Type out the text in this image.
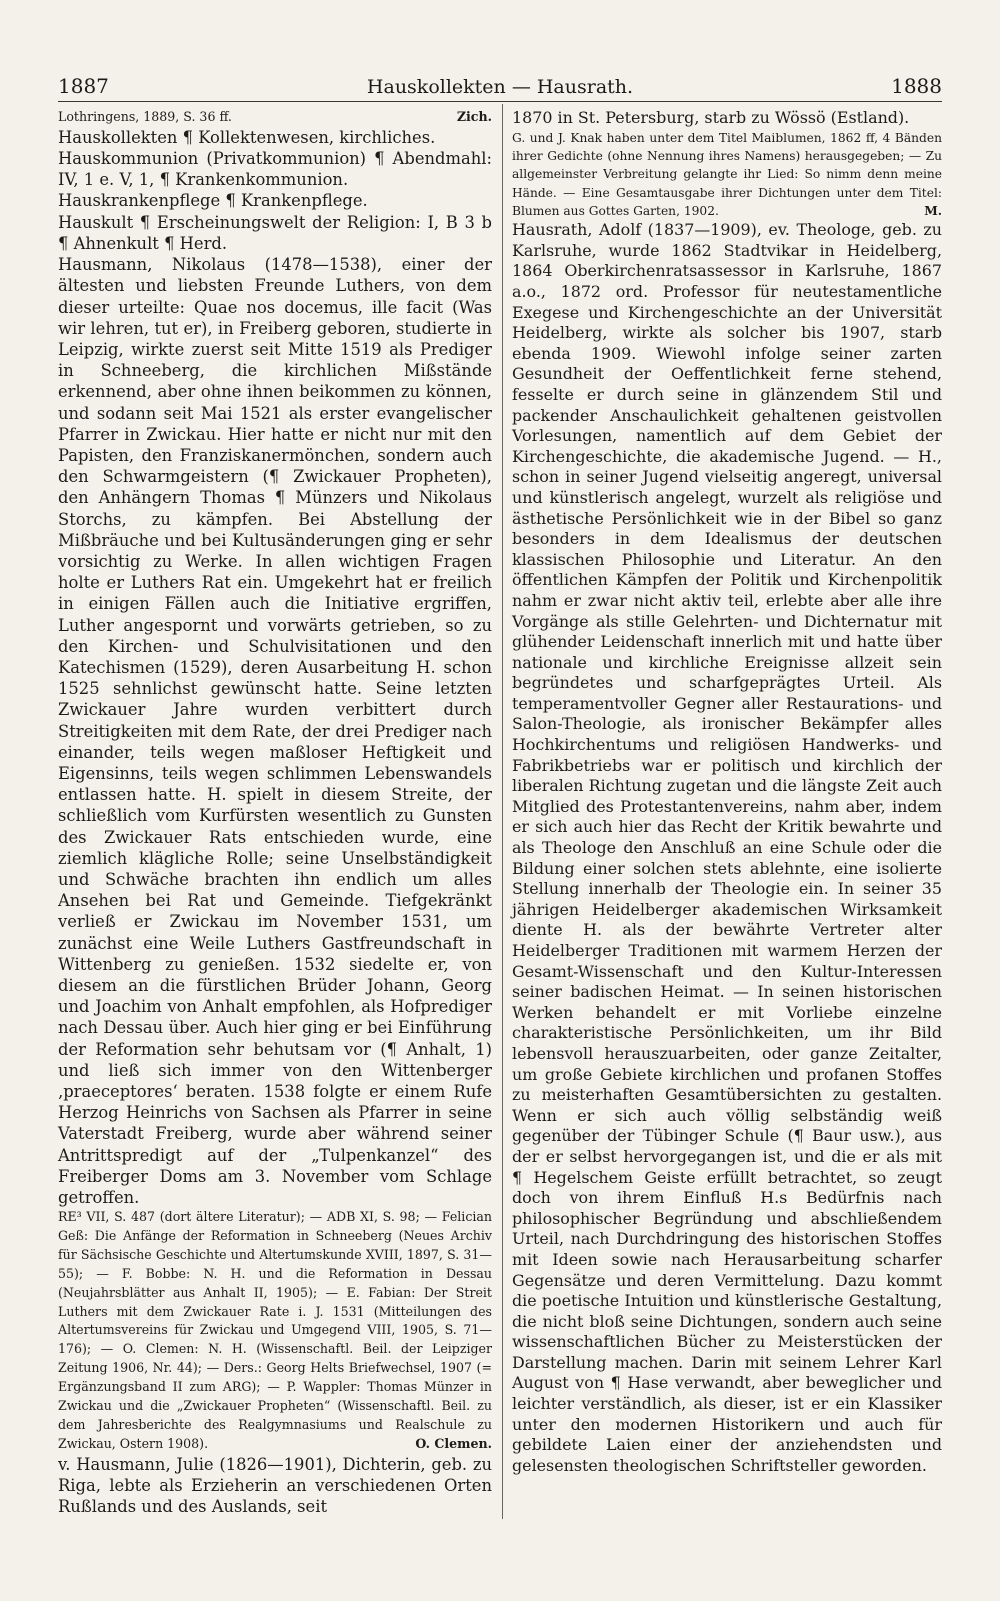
1887	Hauskollekten — Hausrath.	1888

Lothringens, 1889, S. 36 ff.	Zich.

Hauskollekten ¶ Kollektenwesen, kirchliches.

Hauskommunion (Privatkommunion) ¶ Abendmahl: IV, 1 e. V, 1, ¶ Krankenkommunion.

Hauskrankenpflege ¶ Krankenpflege.

Hauskult ¶ Erscheinungswelt der Religion: I, B 3 b ¶ Ahnenkult ¶ Herd.

Hausmann, Nikolaus (1478—1538), einer der ältesten und liebsten Freunde Luthers, von dem dieser urteilte: Quae nos docemus, ille facit (Was wir lehren, tut er), in Freiberg geboren, studierte in Leipzig, wirkte zuerst seit Mitte 1519 als Prediger in Schneeberg, die kirchlichen Mißstände erkennend, aber ohne ihnen beikommen zu können, und sodann seit Mai 1521 als erster evangelischer Pfarrer in Zwickau. Hier hatte er nicht nur mit den Papisten, den Franziskanermönchen, sondern auch den Schwarmgeistern (¶ Zwickauer Propheten), den Anhängern Thomas ¶ Münzers und Nikolaus Storchs, zu kämpfen. Bei Abstellung der Mißbräuche und bei Kultusänderungen ging er sehr vorsichtig zu Werke. In allen wichtigen Fragen holte er Luthers Rat ein. Umgekehrt hat er freilich in einigen Fällen auch die Initiative ergriffen, Luther angespornt und vorwärts getrieben, so zu den Kirchen- und Schulvisitationen und den Katechismen (1529), deren Ausarbeitung H. schon 1525 sehnlichst gewünscht hatte. Seine letzten Zwickauer Jahre wurden verbittert durch Streitigkeiten mit dem Rate, der drei Prediger nach einander, teils wegen maßloser Heftigkeit und Eigensinns, teils wegen schlimmen Lebenswandels entlassen hatte. H. spielt in diesem Streite, der schließlich vom Kurfürsten wesentlich zu Gunsten des Zwickauer Rats entschieden wurde, eine ziemlich klägliche Rolle; seine Unselbständigkeit und Schwäche brachten ihn endlich um alles Ansehen bei Rat und Gemeinde. Tiefgekränkt verließ er Zwickau im November 1531, um zunächst eine Weile Luthers Gastfreundschaft in Wittenberg zu genießen. 1532 siedelte er, von diesem an die fürstlichen Brüder Johann, Georg und Joachim von Anhalt empfohlen, als Hofprediger nach Dessau über. Auch hier ging er bei Einführung der Reformation sehr behutsam vor (¶ Anhalt, 1) und ließ sich immer von den Wittenberger ‚praeceptores‘ beraten. 1538 folgte er einem Rufe Herzog Heinrichs von Sachsen als Pfarrer in seine Vaterstadt Freiberg, wurde aber während seiner Antrittspredigt auf der „Tulpenkanzel“ des Freiberger Doms am 3. November vom Schlage getroffen.

RE³ VII, S. 487 (dort ältere Literatur); — ADB XI, S. 98; — Felician Geß: Die Anfänge der Reformation in Schneeberg (Neues Archiv für Sächsische Geschichte und Altertumskunde XVIII, 1897, S. 31—55); — F. Bobbe: N. H. und die Reformation in Dessau (Neujahrsblätter aus Anhalt II, 1905); — E. Fabian: Der Streit Luthers mit dem Zwickauer Rate i. J. 1531 (Mitteilungen des Altertumsvereins für Zwickau und Umgegend VIII, 1905, S. 71—176); — O. Clemen: N. H. (Wissenschaftl. Beil. der Leipziger Zeitung 1906, Nr. 44); — Ders.: Georg Helts Briefwechsel, 1907 (= Ergänzungsband II zum ARG); — P. Wappler: Thomas Münzer in Zwickau und die „Zwickauer Propheten“ (Wissenschaftl. Beil. zu dem Jahresberichte des Realgymnasiums und Realschule zu Zwickau, Ostern 1908).	O. Clemen.

v. Hausmann, Julie (1826—1901), Dichterin, geb. zu Riga, lebte als Erzieherin an verschiedenen Orten Rußlands und des Auslands, seit

1870 in St. Petersburg, starb zu Wössö (Estland).

G. und J. Knak haben unter dem Titel Maiblumen, 1862 ff, 4 Bänden ihrer Gedichte (ohne Nennung ihres Namens) herausgegeben; — Zu allgemeinster Verbreitung gelangte ihr Lied: So nimm denn meine Hände. — Eine Gesamtausgabe ihrer Dichtungen unter dem Titel: Blumen aus Gottes Garten, 1902.	M.

Hausrath, Adolf (1837—1909), ev. Theologe, geb. zu Karlsruhe, wurde 1862 Stadtvikar in Heidelberg, 1864 Oberkirchenratsassessor in Karlsruhe, 1867 a.o., 1872 ord. Professor für neutestamentliche Exegese und Kirchengeschichte an der Universität Heidelberg, wirkte als solcher bis 1907, starb ebenda 1909. Wiewohl infolge seiner zarten Gesundheit der Oeffentlichkeit ferne stehend, fesselte er durch seine in glänzendem Stil und packender Anschaulichkeit gehaltenen geistvollen Vorlesungen, namentlich auf dem Gebiet der Kirchengeschichte, die akademische Jugend. — H., schon in seiner Jugend vielseitig angeregt, universal und künstlerisch angelegt, wurzelt als religiöse und ästhetische Persönlichkeit wie in der Bibel so ganz besonders in dem Idealismus der deutschen klassischen Philosophie und Literatur. An den öffentlichen Kämpfen der Politik und Kirchenpolitik nahm er zwar nicht aktiv teil, erlebte aber alle ihre Vorgänge als stille Gelehrten- und Dichternatur mit glühender Leidenschaft innerlich mit und hatte über nationale und kirchliche Ereignisse allzeit sein begründetes und scharfgeprägtes Urteil. Als temperamentvoller Gegner aller Restaurations- und Salon-Theologie, als ironischer Bekämpfer alles Hochkirchentums und religiösen Handwerks- und Fabrikbetriebs war er politisch und kirchlich der liberalen Richtung zugetan und die längste Zeit auch Mitglied des Protestantenvereins, nahm aber, indem er sich auch hier das Recht der Kritik bewahrte und als Theologe den Anschluß an eine Schule oder die Bildung einer solchen stets ablehnte, eine isolierte Stellung innerhalb der Theologie ein. In seiner 35 jährigen Heidelberger akademischen Wirksamkeit diente H. als der bewährte Vertreter alter Heidelberger Traditionen mit warmem Herzen der Gesamt-Wissenschaft und den Kultur-Interessen seiner badischen Heimat. — In seinen historischen Werken behandelt er mit Vorliebe einzelne charakteristische Persönlichkeiten, um ihr Bild lebensvoll herauszuarbeiten, oder ganze Zeitalter, um große Gebiete kirchlichen und profanen Stoffes zu meisterhaften Gesamtübersichten zu gestalten. Wenn er sich auch völlig selbständig weiß gegenüber der Tübinger Schule (¶ Baur usw.), aus der er selbst hervorgegangen ist, und die er als mit ¶ Hegelschem Geiste erfüllt betrachtet, so zeugt doch von ihrem Einfluß H.s Bedürfnis nach philosophischer Begründung und abschließendem Urteil, nach Durchdringung des historischen Stoffes mit Ideen sowie nach Herausarbeitung scharfer Gegensätze und deren Vermittelung. Dazu kommt die poetische Intuition und künstlerische Gestaltung, die nicht bloß seine Dichtungen, sondern auch seine wissenschaftlichen Bücher zu Meisterstücken der Darstellung machen. Darin mit seinem Lehrer Karl August von ¶ Hase verwandt, aber beweglicher und leichter verständlich, als dieser, ist er ein Klassiker unter den modernen Historikern und auch für gebildete Laien einer der anziehendsten und gelesensten theologischen Schriftsteller geworden.
